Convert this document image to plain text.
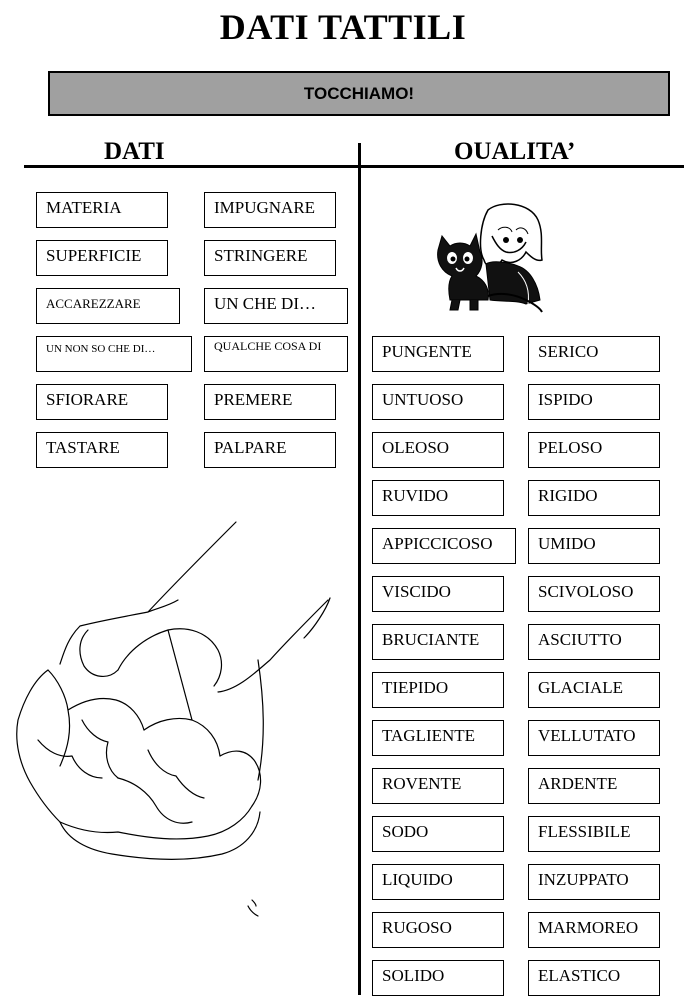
DATI TATTILI
TOCCHIAMO!
DATI	OUALITA’
MATERIA
SUPERFICIE
ACCAREZZARE
UN NON SO CHE DI…
SFIORARE
TASTARE
IMPUGNARE
STRINGERE
UN CHE DI…
QUALCHE COSA DI
PREMERE
PALPARE
PUNGENTE
UNTUOSO
OLEOSO
RUVIDO
APPICCICOSO
VISCIDO
BRUCIANTE
TIEPIDO
TAGLIENTE
ROVENTE
SODO
LIQUIDO
RUGOSO
SOLIDO
SERICO
ISPIDO
PELOSO
RIGIDO
UMIDO
SCIVOLOSO
ASCIUTTO
GLACIALE
VELLUTATO
ARDENTE
FLESSIBILE
INZUPPATO
MARMOREO
ELASTICO
